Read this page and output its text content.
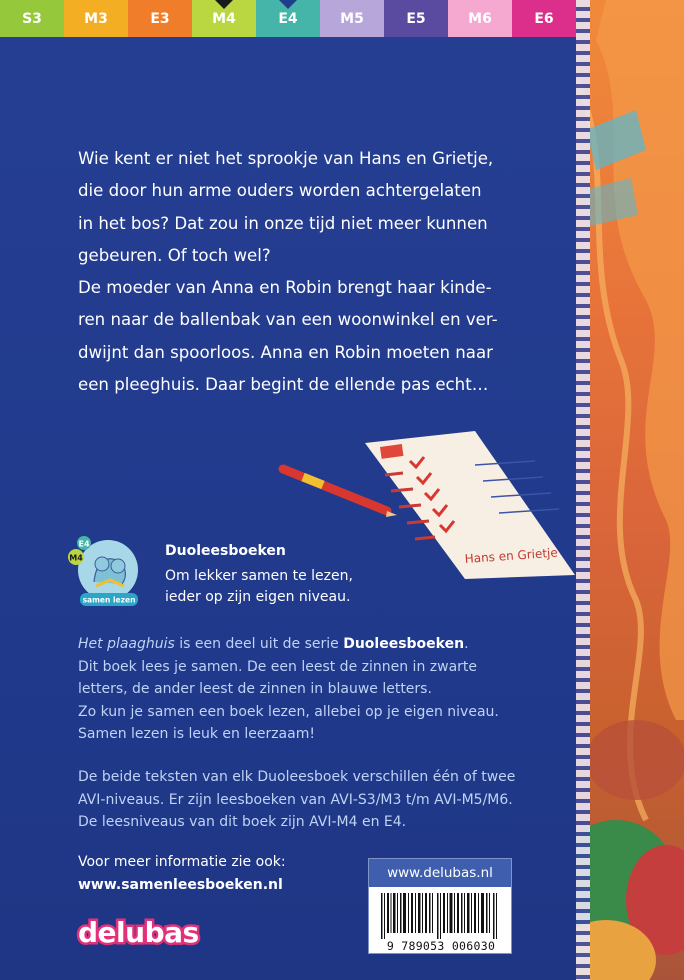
S3	M3	E3	M4	E4	M5	E5	M6	E6

Wie kent er niet het sprookje van Hans en Grietje,

die door hun arme ouders worden achtergelaten

in het bos? Dat zou in onze tijd niet meer kunnen

gebeuren. Of toch wel?

De moeder van Anna en Robin brengt haar kinde-

ren naar de ballenbak van een woonwinkel en ver-

dwijnt dan spoorloos. Anna en Robin moeten naar

een pleeghuis. Daar begint de ellende pas echt…

Hans en Grietje
E4
M4
samen lezen
Duoleesboeken

Om lekker samen te lezen,

ieder op zijn eigen niveau.

Het plaaghuis is een deel uit de serie Duoleesboeken.

Dit boek lees je samen. De een leest de zinnen in zwarte

letters, de ander leest de zinnen in blauwe letters.

Zo kun je samen een boek lezen, allebei op je eigen niveau.

Samen lezen is leuk en leerzaam!

De beide teksten van elk Duoleesboek verschillen één of twee

AVI-niveaus. Er zijn leesboeken van AVI-S3/M3 t/m AVI-M5/M6.

De leesniveaus van dit boek zijn AVI-M4 en E4.

Voor meer informatie zie ook:

www.samenleesboeken.nl

delubas
www.delubas.nl
9 789053 006030
